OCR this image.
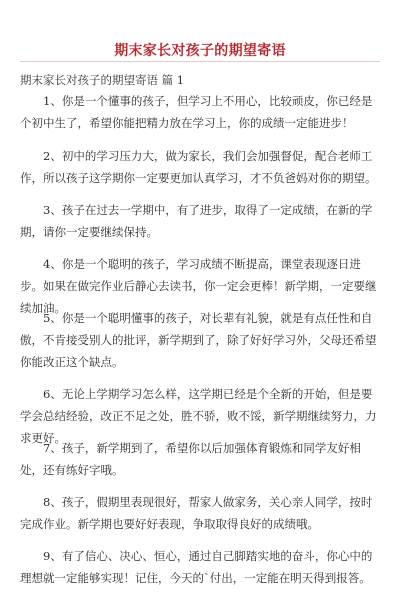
期末家长对孩子的期望寄语
期末家长对孩子的期望寄语 篇 1

1、你是一个懂事的孩子，但学习上不用心，比较顽皮，你已经是个初中生了，希望你能把精力放在学习上，你的成绩一定能进步！

2、初中的学习压力大，做为家长，我们会加强督促，配合老师工作，所以孩子这学期你一定要更加认真学习，才不负爸妈对你的期望。

3、孩子在过去一学期中，有了进步，取得了一定成绩，在新的学期，请你一定要继续保持。

4、你是一个聪明的孩子，学习成绩不断提高，课堂表现逐日进步。如果在做完作业后静心去读书，你一定会更棒！新学期，一定要继续加油。

5、你是一个聪明懂事的孩子，对长辈有礼貌，就是有点任性和自傲，不肯接受别人的批评，新学期到了，除了好好学习外，父母还希望你能改正这个缺点。

6、无论上学期学习怎么样，这学期已经是个全新的开始，但是要学会总结经验，改正不足之处，胜不骄，败不馁，新学期继续努力，力求更好。

7、孩子，新学期到了，希望你以后加强体育锻炼和同学友好相处，还有练好字哦。

8、孩子，假期里表现很好，帮家人做家务，关心亲人同学，按时完成作业。新学期也要好好表现，争取取得良好的成绩哦。

9、有了信心、决心、恒心，通过自己脚踏实地的奋斗，你心中的理想就一定能够实现！记住，今天的`付出，一定能在明天得到报答。
